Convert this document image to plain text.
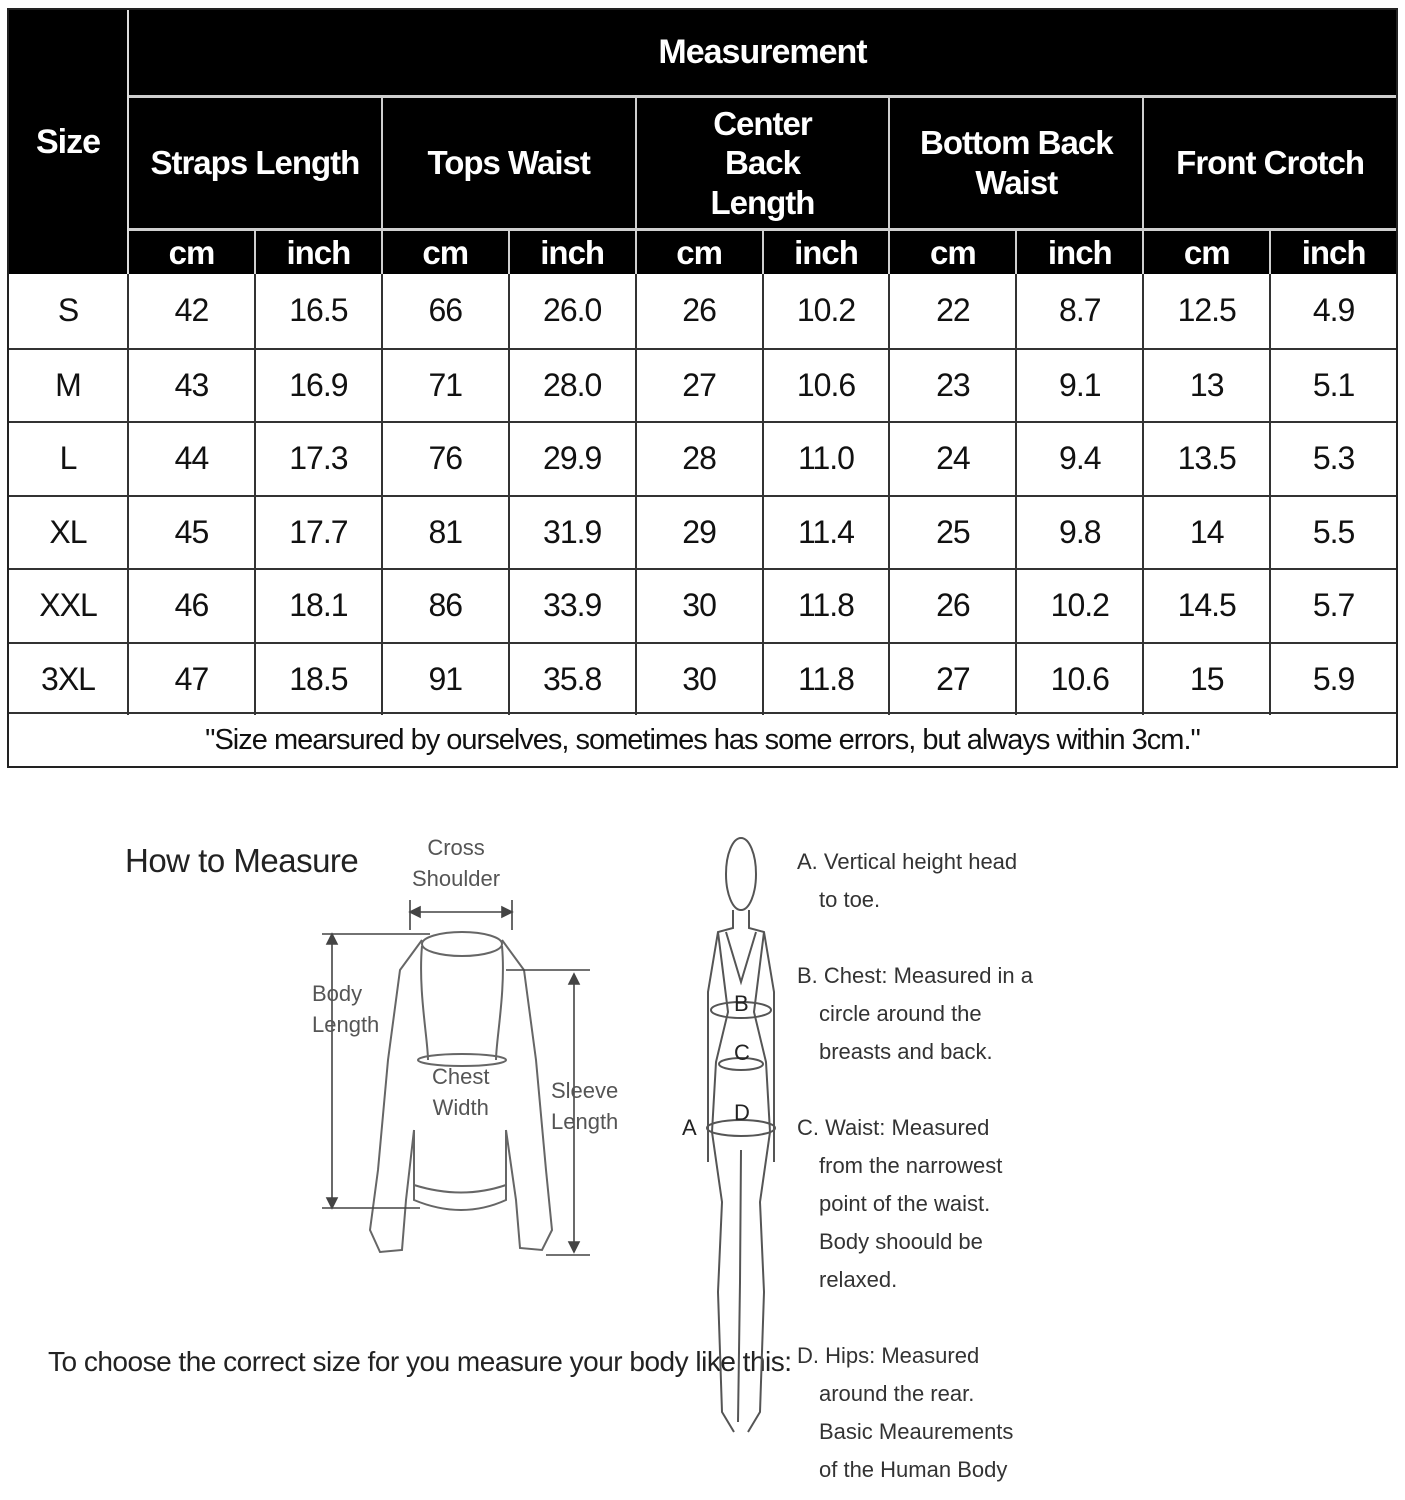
Size
Measurement
Straps Length	Tops Waist
Center Back Length
Bottom Back Waist
Front Crotch
cm	inch	cm	inch	cm	inch	cm	inch	cm	inch
S	42	16.5	66	26.0	26	10.2	22	8.7	12.5	4.9
M	43	16.9	71	28.0	27	10.6	23	9.1	13	5.1
L	44	17.3	76	29.9	28	11.0	24	9.4	13.5	5.3
XL	45	17.7	81	31.9	29	11.4	25	9.8	14	5.5
XXL	46	18.1	86	33.9	30	11.8	26	10.2	14.5	5.7
3XL	47	18.5	91	35.8	30	11.8	27	10.6	15	5.9
"Size mearsured by ourselves, sometimes has some errors, but always within 3cm."
How to Measure
To choose the correct size for you measure your body like this:
Cross
Shoulder
Body
Length
Chest
Width
Sleeve
Length
B
C
D
A
A. Vertical height head
to toe.
B. Chest: Measured in a
circle around the
breasts and back.
C. Waist: Measured
from the narrowest
point of the waist.
Body shoould be
relaxed.
D. Hips: Measured
around the rear.
Basic Meaurements
of the Human Body
